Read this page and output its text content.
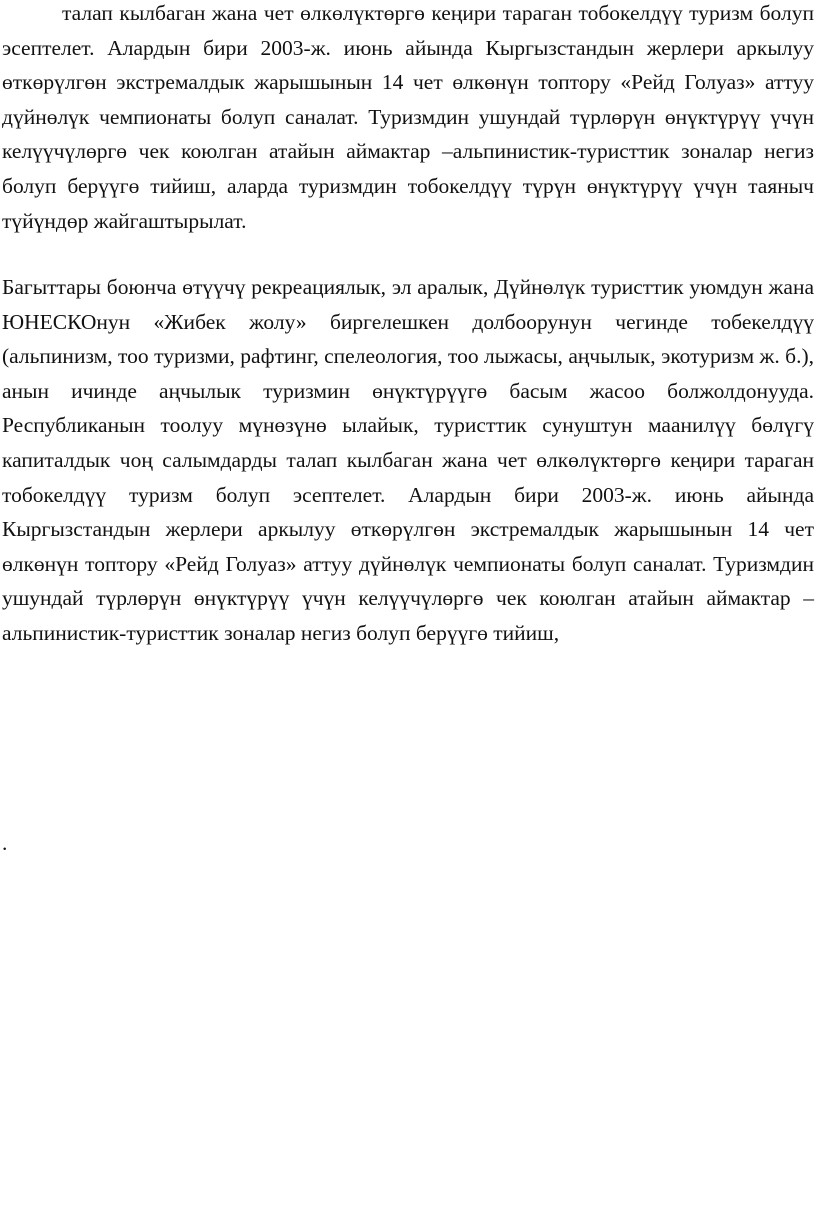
талап кылбаган жана чет өлкөлүктөргө кеңири тараган тобокелдүү туризм болуп эсептелет. Алардын бири 2003-ж. июнь айында Кыргызстандын жерлери аркылуу өткөрүлгөн экстремалдык жарышынын 14 чет өлкөнүн топтору «Рейд Голуаз» аттуу дүйнөлүк чемпионаты болуп саналат. Туризмдин ушундай түрлөрүн өнүктүрүү үчүн келүүчүлөргө чек коюлган атайын аймактар –альпинистик-туристтик зоналар негиз болуп берүүгө тийиш, аларда туризмдин тобокелдүү түрүн өнүктүрүү үчүн таяныч түйүндөр жайгаштырылат.

Багыттары боюнча өтүүчү рекреациялык, эл аралык, Дүйнөлүк туристтик уюмдун жана ЮНЕСКОнун «Жибек жолу» биргелешкен долбоорунун чегинде тобекелдүү (альпинизм, тоо туризми, рафтинг, спелеология, тоо лыжасы, аңчылык, экотуризм ж. б.), анын ичинде аңчылык туризмин өнүктүрүүгө басым жасоо болжолдонууда. Республиканын тоолуу мүнөзүнө ылайык, туристтик сунуштун маанилүү бөлүгү капиталдык чоң салымдарды талап кылбаган жана чет өлкөлүктөргө кеңири тараган тобокелдүү туризм болуп эсептелет. Алардын бири 2003-ж. июнь айында Кыргызстандын жерлери аркылуу өткөрүлгөн экстремалдык жарышынын 14 чет өлкөнүн топтору «Рейд Голуаз» аттуу дүйнөлүк чемпионаты болуп саналат. Туризмдин ушундай түрлөрүн өнүктүрүү үчүн келүүчүлөргө чек коюлган атайын аймактар –альпинистик-туристтик зоналар негиз болуп берүүгө тийиш,

.
